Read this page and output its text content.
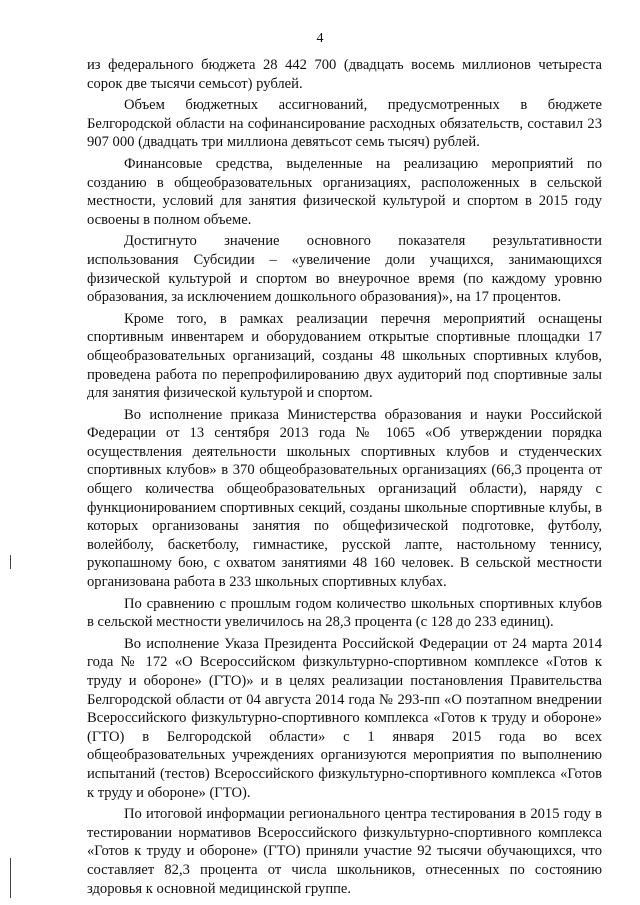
4

из федерального бюджета 28 442 700 (двадцать восемь миллионов четыреста сорок две тысячи семьсот) рублей.

Объем бюджетных ассигнований, предусмотренных в бюджете Белгородской области на софинансирование расходных обязательств, составил 23 907 000 (двадцать три миллиона девятьсот семь тысяч) рублей.

Финансовые средства, выделенные на реализацию мероприятий по созданию в общеобразовательных организациях, расположенных в сельской местности, условий для занятия физической культурой и спортом в 2015 году освоены в полном объеме.

Достигнуто значение основного показателя результативности использования Субсидии – «увеличение доли учащихся, занимающихся физической культурой и спортом во внеурочное время (по каждому уровню образования, за исключением дошкольного образования)», на 17 процентов.

Кроме того, в рамках реализации перечня мероприятий оснащены спортивным инвентарем и оборудованием открытые спортивные площадки 17 общеобразовательных организаций, созданы 48 школьных спортивных клубов, проведена работа по перепрофилированию двух аудиторий под спортивные залы для занятия физической культурой и спортом.

Во исполнение приказа Министерства образования и науки Российской Федерации от 13 сентября 2013 года № 1065 «Об утверждении порядка осуществления деятельности школьных спортивных клубов и студенческих спортивных клубов» в 370 общеобразовательных организациях (66,3 процента от общего количества общеобразовательных организаций области), наряду с функционированием спортивных секций, созданы школьные спортивные клубы, в которых организованы занятия по общефизической подготовке, футболу, волейболу, баскетболу, гимнастике, русской лапте, настольному теннису, рукопашному бою, с охватом занятиями 48 160 человек. В сельской местности организована работа в 233 школьных спортивных клубах.

По сравнению с прошлым годом количество школьных спортивных клубов в сельской местности увеличилось на 28,3 процента (с 128 до 233 единиц).

Во исполнение Указа Президента Российской Федерации от 24 марта 2014 года № 172 «О Всероссийском физкультурно-спортивном комплексе «Готов к труду и обороне» (ГТО)» и в целях реализации постановления Правительства Белгородской области от 04 августа 2014 года № 293-пп «О поэтапном внедрении Всероссийского физкультурно-спортивного комплекса «Готов к труду и обороне» (ГТО) в Белгородской области» с 1 января 2015 года во всех общеобразовательных учреждениях организуются мероприятия по выполнению испытаний (тестов) Всероссийского физкультурно-спортивного комплекса «Готов к труду и обороне» (ГТО).

По итоговой информации регионального центра тестирования в 2015 году в тестировании нормативов Всероссийского физкультурно-спортивного комплекса «Готов к труду и обороне» (ГТО) приняли участие 92 тысячи обучающихся, что составляет 82,3 процента от числа школьников, отнесенных по состоянию здоровья к основной медицинской группе.
